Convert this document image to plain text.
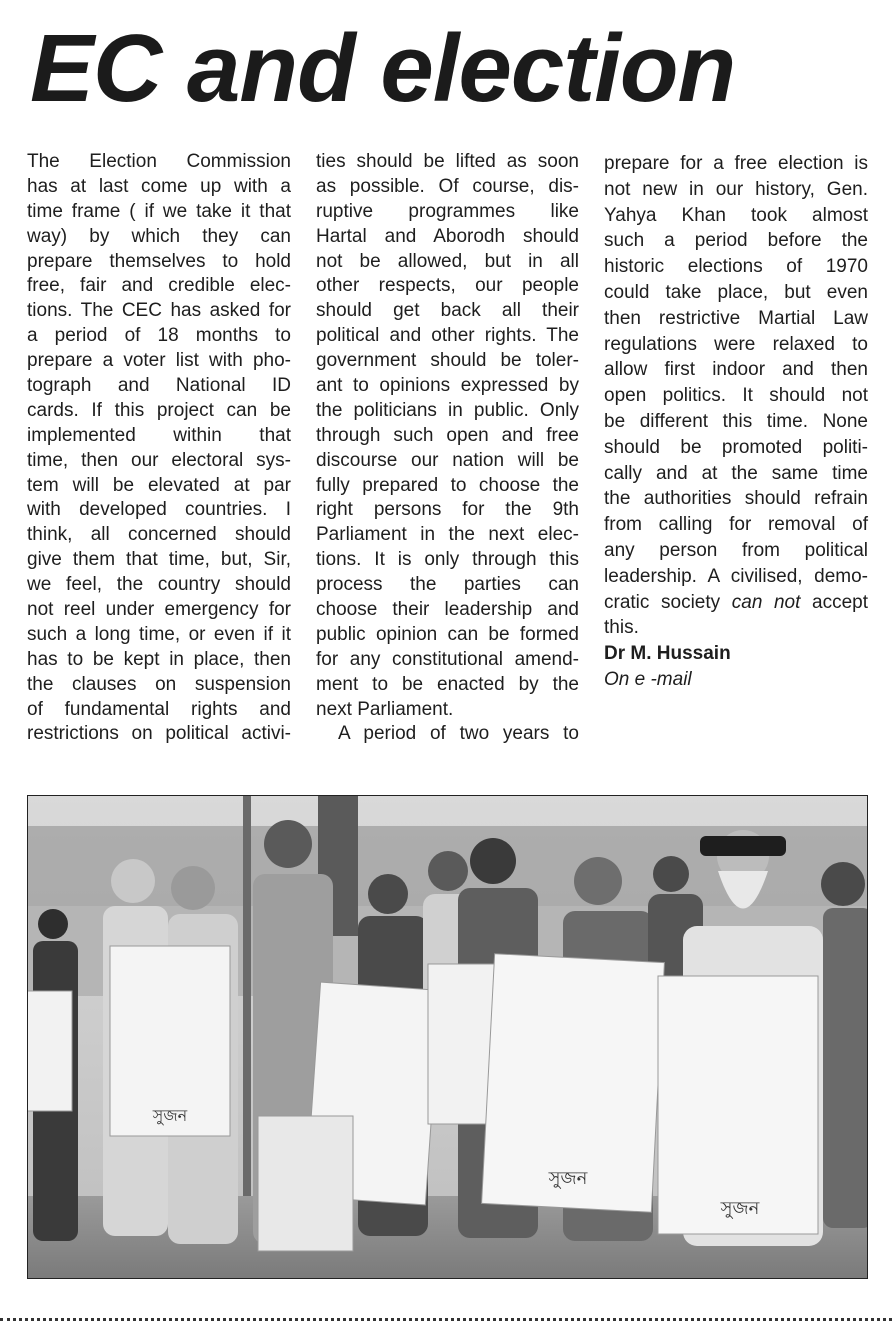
EC and election
The Election Commission
has at last come up with a
time frame ( if we take it that
way) by which they can
prepare themselves to hold
free, fair and credible elec-
tions. The CEC has asked for
a period of 18 months to
prepare a voter list with pho-
tograph and National ID
cards. If this project can be
implemented within that
time, then our electoral sys-
tem will be elevated at par
with developed countries. I
think, all concerned should
give them that time, but, Sir,
we feel, the country should
not reel under emergency for
such a long time, or even if it
has to be kept in place, then
the clauses on suspension
of fundamental rights and
restrictions on political activi-
ties should be lifted as soon
as possible. Of course, dis-
ruptive programmes like
Hartal and Aborodh should
not be allowed, but in all
other respects, our people
should get back all their
political and other rights. The
government should be toler-
ant to opinions expressed by
the politicians in public. Only
through such open and free
discourse our nation will be
fully prepared to choose the
right persons for the 9th
Parliament in the next elec-
tions. It is only through this
process the parties can
choose their leadership and
public opinion can be formed
for any constitutional amend-
ment to be enacted by the
next Parliament.
A period of two years to
prepare for a free election is
not new in our history, Gen.
Yahya Khan took almost
such a period before the
historic elections of 1970
could take place, but even
then restrictive Martial Law
regulations were relaxed to
allow first indoor and then
open politics. It should not
be different this time. None
should be promoted politi-
cally and at the same time
the authorities should refrain
from calling for removal of
any person from political
leadership. A civilised, demo-
cratic society can not accept
this.
Dr M. Hussain
On e -mail
সুজন
সুজন
সুজন
